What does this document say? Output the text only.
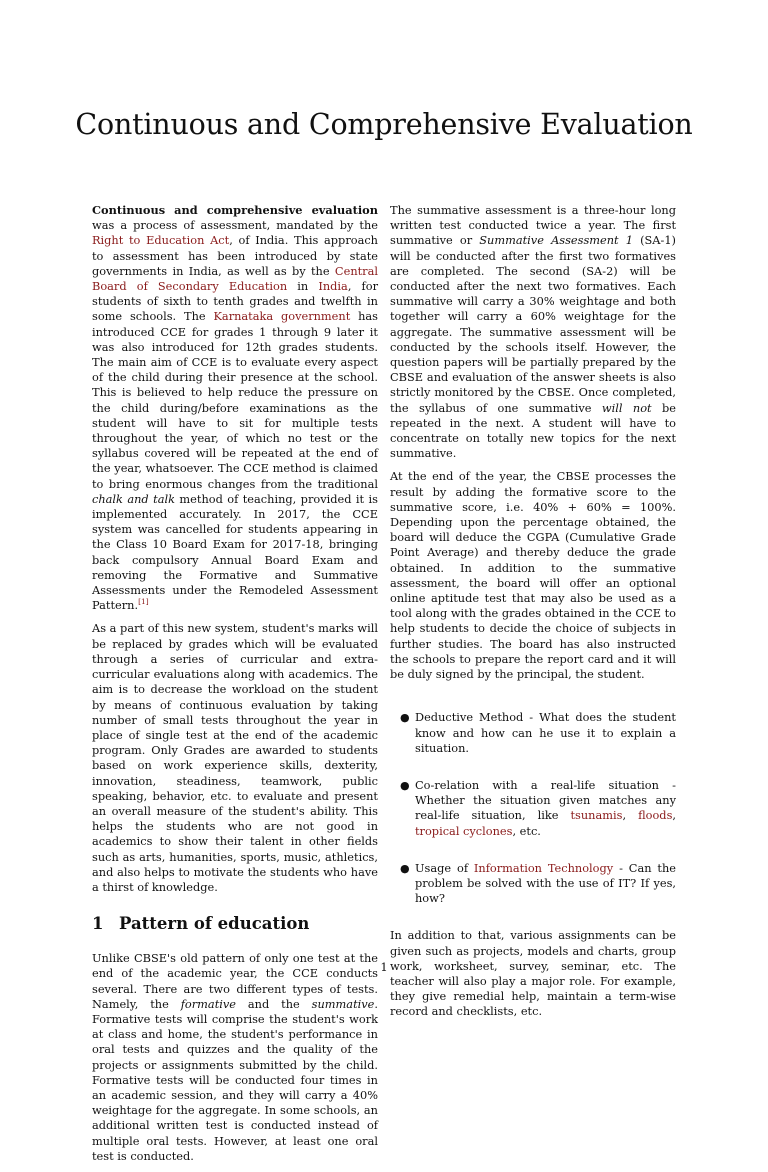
Continuous and Comprehensive Evaluation

Continuous and comprehensive evaluation was a process of assessment, mandated by the Right to Education Act, of India. This approach to assessment has been introduced by state governments in India, as well as by the Central Board of Secondary Education in India, for students of sixth to tenth grades and twelfth in some schools. The Karnataka government has introduced CCE for grades 1 through 9 later it was also introduced for 12th grades students. The main aim of CCE is to evaluate every aspect of the child during their presence at the school. This is believed to help reduce the pressure on the child during/before examinations as the student will have to sit for multiple tests throughout the year, of which no test or the syllabus covered will be repeated at the end of the year, whatsoever. The CCE method is claimed to bring enormous changes from the traditional chalk and talk method of teaching, provided it is implemented accurately. In 2017, the CCE system was cancelled for students appearing in the Class 10 Board Exam for 2017-18, bringing back compulsory Annual Board Exam and removing the Formative and Summative Assessments under the Remodeled Assessment Pattern.[1]

As a part of this new system, student's marks will be replaced by grades which will be evaluated through a series of curricular and extra-curricular evaluations along with academics. The aim is to decrease the workload on the student by means of continuous evaluation by taking number of small tests throughout the year in place of single test at the end of the academic program. Only Grades are awarded to students based on work experience skills, dexterity, innovation, steadiness, teamwork, public speaking, behavior, etc. to evaluate and present an overall measure of the student's ability. This helps the students who are not good in academics to show their talent in other fields such as arts, humanities, sports, music, athletics, and also helps to motivate the students who have a thirst of knowledge.

1 Pattern of education

Unlike CBSE's old pattern of only one test at the end of the academic year, the CCE conducts several. There are two different types of tests. Namely, the formative and the summative. Formative tests will comprise the student's work at class and home, the student's performance in oral tests and quizzes and the quality of the projects or assignments submitted by the child. Formative tests will be conducted four times in an academic session, and they will carry a 40% weightage for the aggregate. In some schools, an additional written test is conducted instead of multiple oral tests. However, at least one oral test is conducted.

The summative assessment is a three-hour long written test conducted twice a year. The first summative or Summative Assessment 1 (SA-1) will be conducted after the first two formatives are completed. The second (SA-2) will be conducted after the next two formatives. Each summative will carry a 30% weightage and both together will carry a 60% weightage for the aggregate. The summative assessment will be conducted by the schools itself. However, the question papers will be partially prepared by the CBSE and evaluation of the answer sheets is also strictly monitored by the CBSE. Once completed, the syllabus of one summative will not be repeated in the next. A student will have to concentrate on totally new topics for the next summative.

At the end of the year, the CBSE processes the result by adding the formative score to the summative score, i.e. 40% + 60% = 100%. Depending upon the percentage obtained, the board will deduce the CGPA (Cumulative Grade Point Average) and thereby deduce the grade obtained. In addition to the summative assessment, the board will offer an optional online aptitude test that may also be used as a tool along with the grades obtained in the CCE to help students to decide the choice of subjects in further studies. The board has also instructed the schools to prepare the report card and it will be duly signed by the principal, the student.

● Deductive Method - What does the student know and how can he use it to explain a situation.
● Co-relation with a real-life situation - Whether the situation given matches any real-life situation, like tsunamis, floods, tropical cyclones, etc.
● Usage of Information Technology - Can the problem be solved with the use of IT? If yes, how?

In addition to that, various assignments can be given such as projects, models and charts, group work, worksheet, survey, seminar, etc. The teacher will also play a major role. For example, they give remedial help, maintain a term-wise record and checklists, etc.

1
